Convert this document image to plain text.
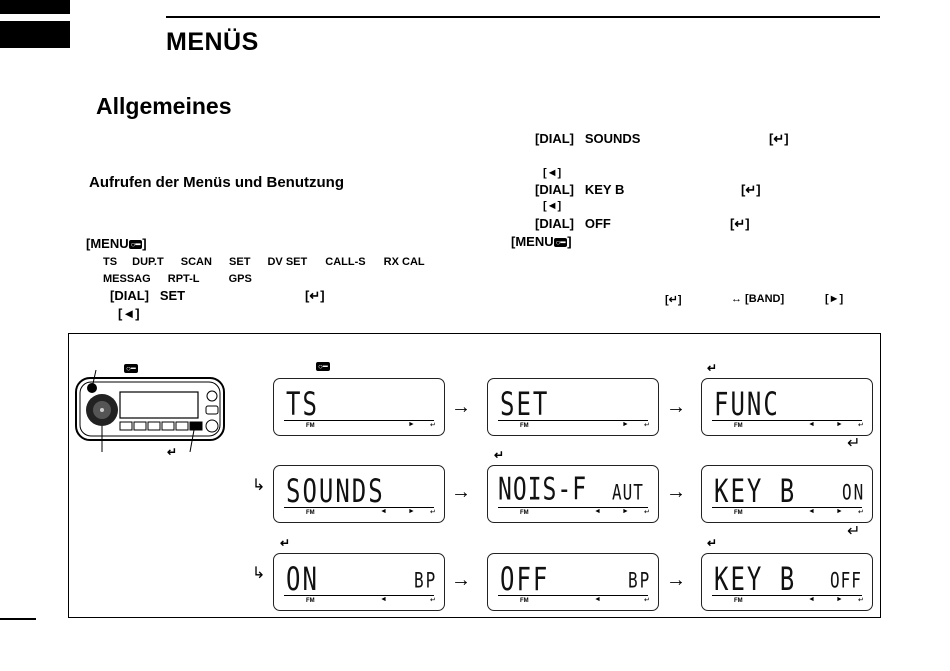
MENÜS
Allgemeines
Aufrufen der Menüs und Benutzung
[MENU ○━ ]
TS DUP.T SCAN SET DV SET CALL-S RX CAL
MESSAG RPT-L	GPS
[DIAL] SET	[↵]
[◄]
[DIAL] SOUNDS	[↵]
[◄]
[DIAL] KEY B	[↵]
[◄]
[DIAL] OFF	[↵]
[MENU ○━ ]
[↵]	↔ [BAND]	[►]
○━
↵
○━
TS
FM	► ↵
→ SET
FM	► ↵
→
↵
FUNC
FM	◄	► ↵
↵
↳ SOUNDS
FM	◄	► ↵
→
↵
NOIS-F AUT
FM	◄	► ↵
→ KEY B	ON
FM	◄	► ↵
↵
↳
↵
ON	BP
FM	◄	↵
→ OFF	BP
FM	◄	↵
→
↵
KEY B OFF
FM	◄	► ↵
